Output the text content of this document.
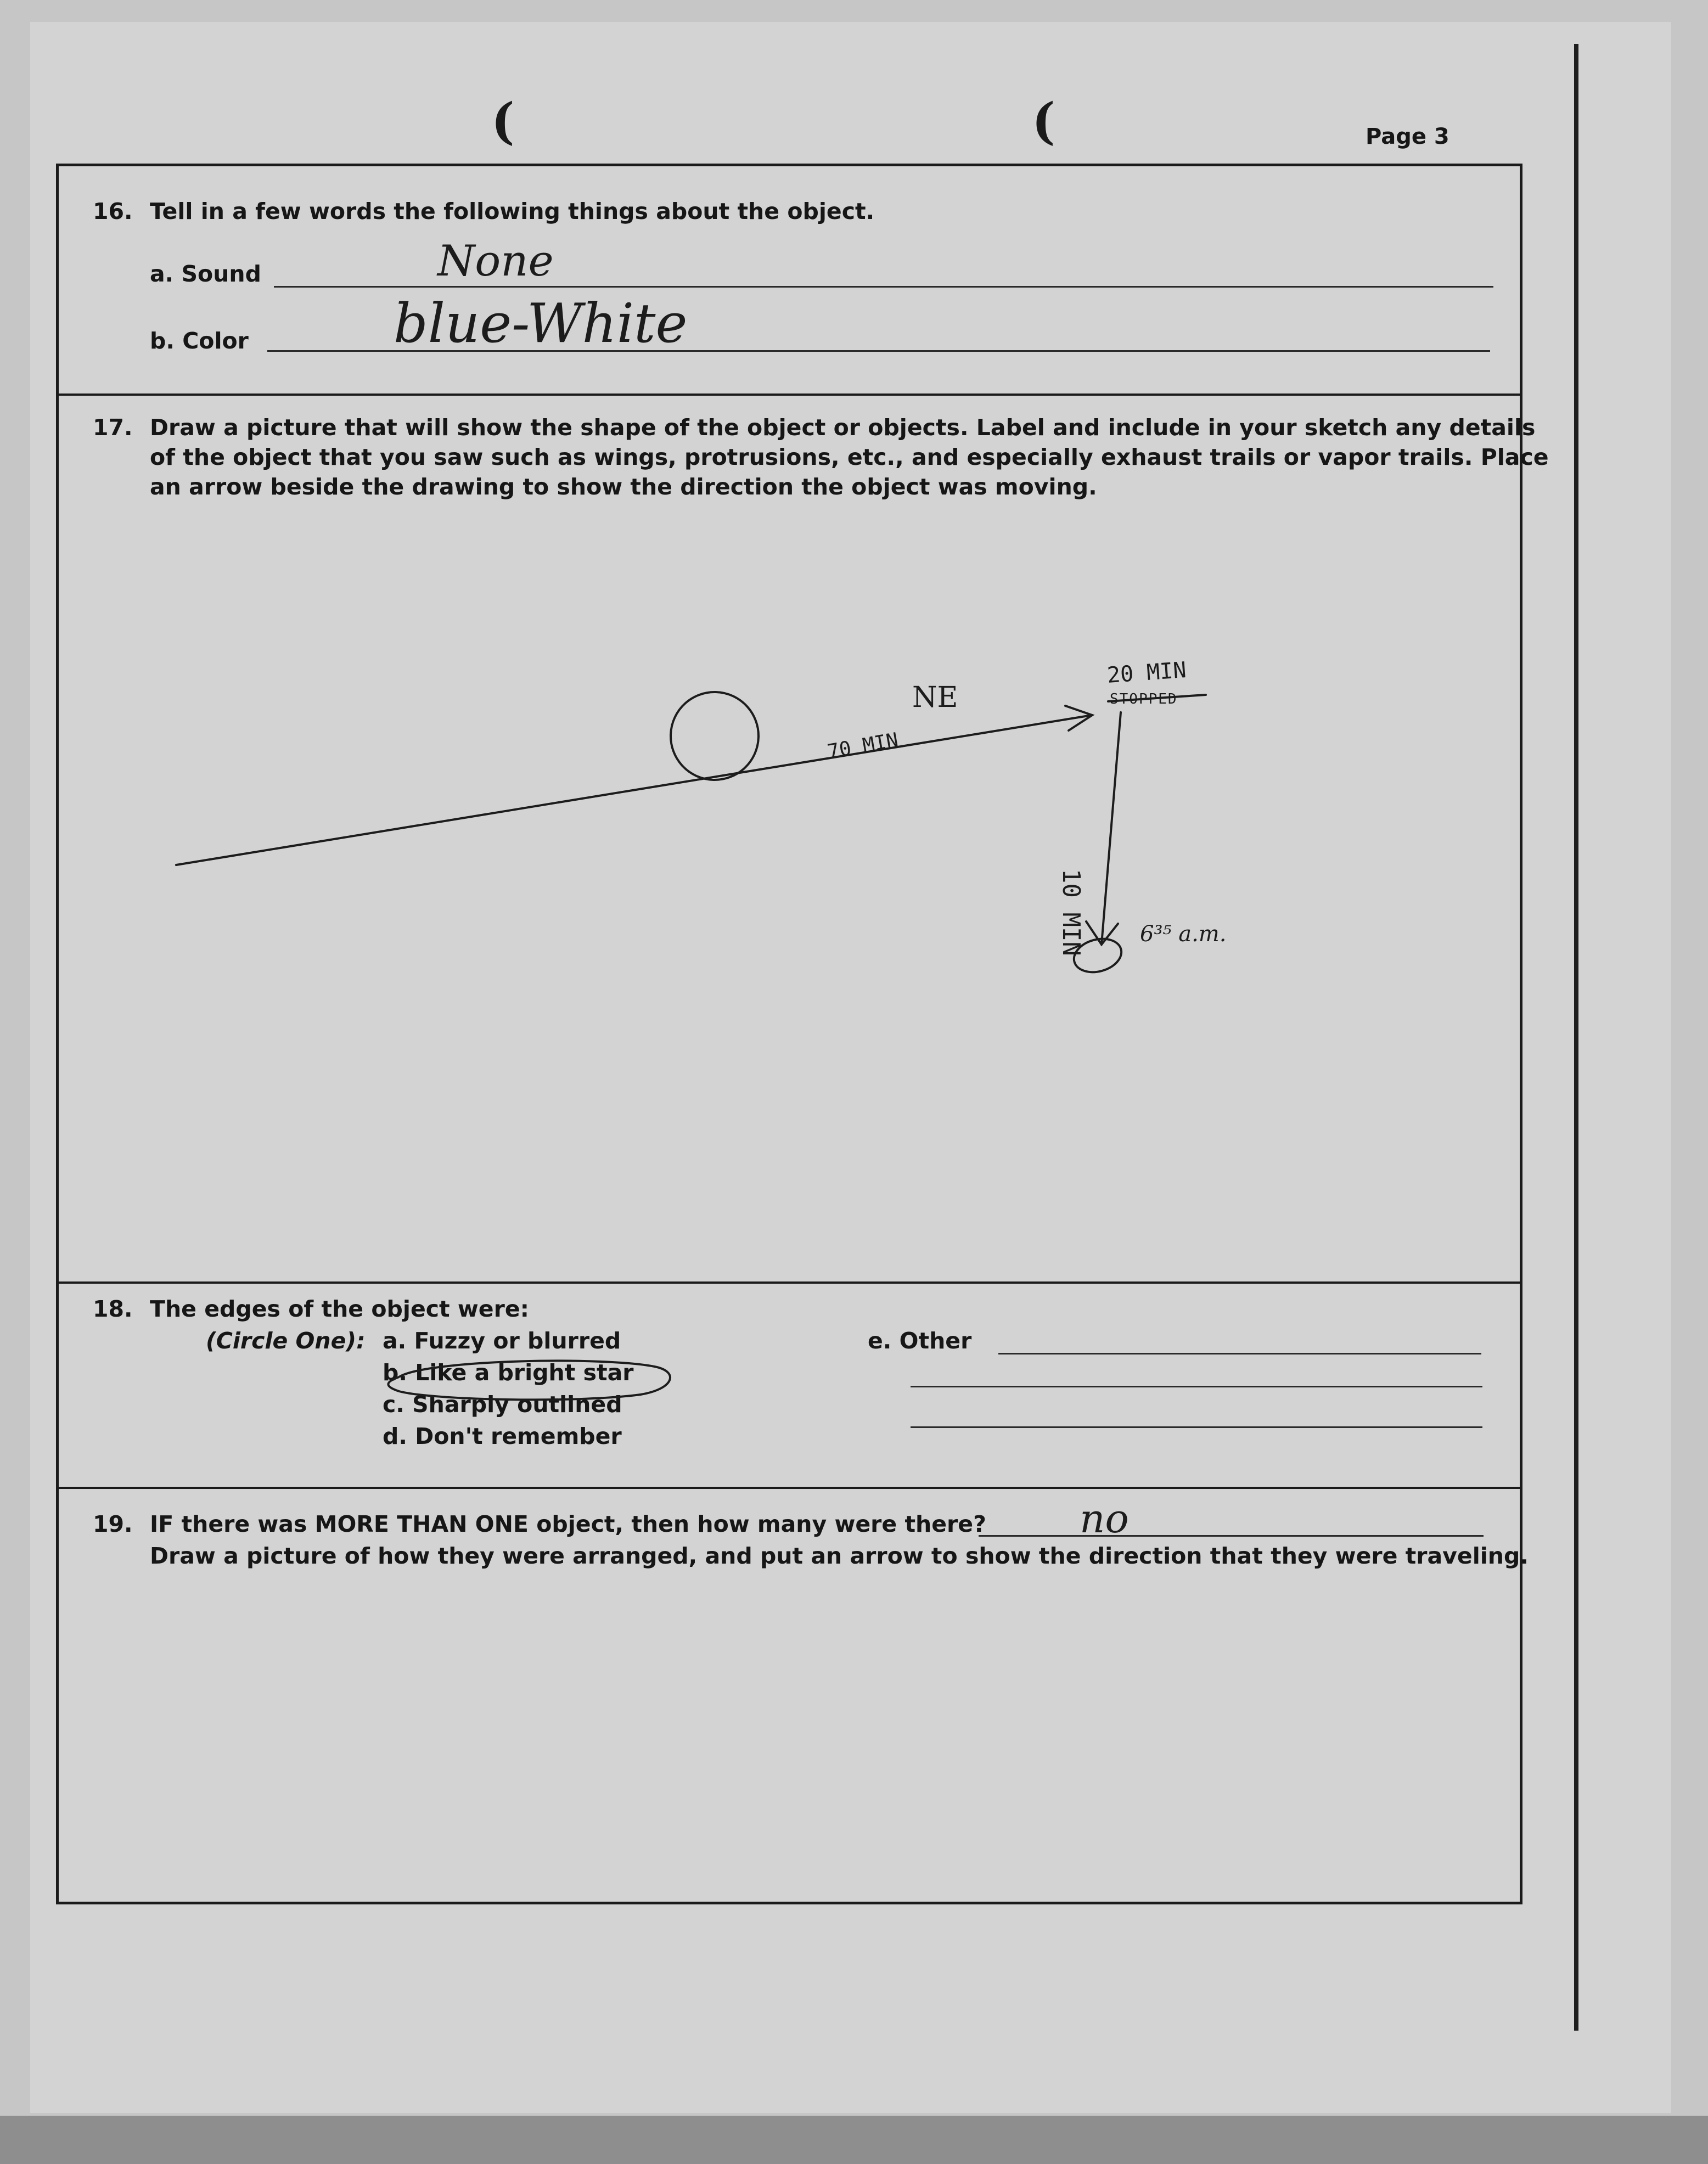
(	(	Page 3
16. Tell in a few words the following things about the object.
a. Sound	None
b. Color	blue-White
17. Draw a picture that will show the shape of the object or objects. Label and include in your sketch any details
of the object that you saw such as wings, protrusions, etc., and especially exhaust trails or vapor trails. Place
an arrow beside the drawing to show the direction the object was moving.
NE
70 MIN
20 MIN
STOPPED
10 MIN	6³⁵ a.m.
18. The edges of the object were:
(Circle One): a. Fuzzy or blurred
b. Like a bright star
c. Sharply outlined
d. Don't remember
e. Other
19. IF there was MORE THAN ONE object, then how many were there? no
Draw a picture of how they were arranged, and put an arrow to show the direction that they were traveling.
